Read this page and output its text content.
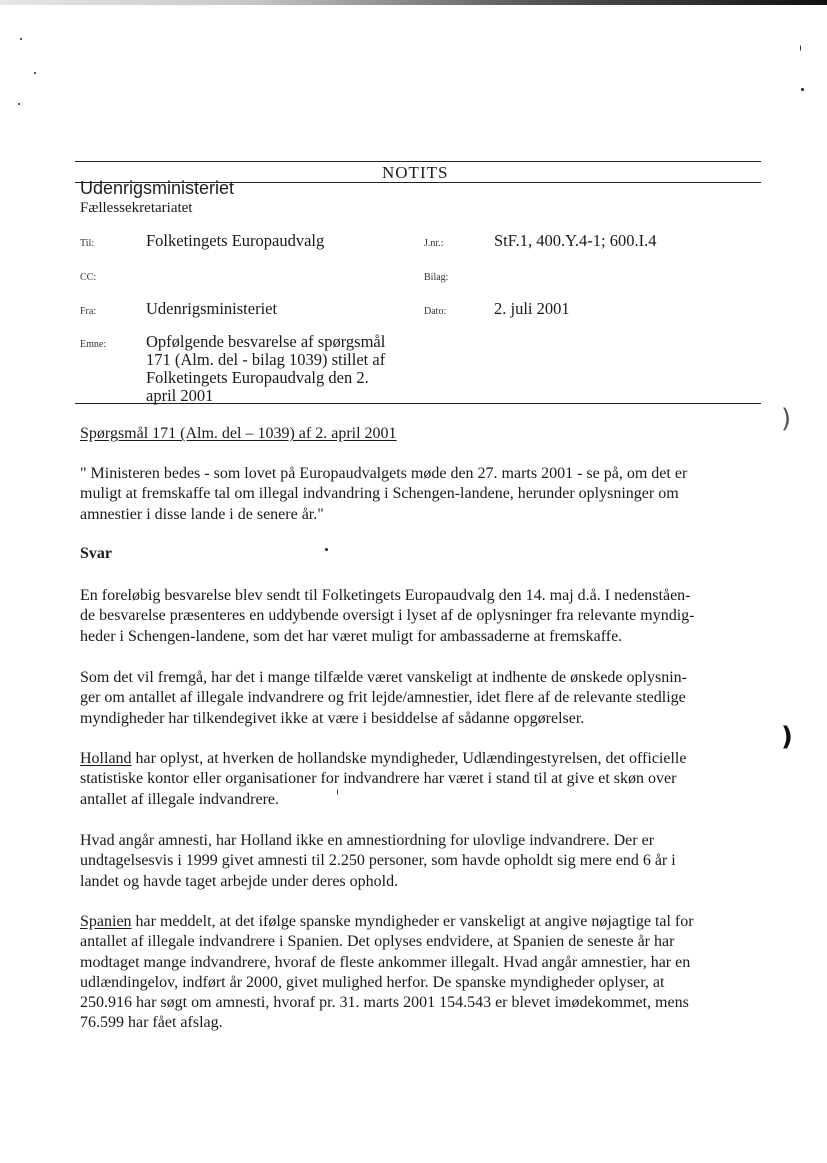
NOTITS
Udenrigsministeriet
Fællessekretariatet
Til:	Folketingets Europaudvalg	J.nr.:	StF.1, 400.Y.4-1; 600.I.4
CC:	Bilag:
Fra:	Udenrigsministeriet	Dato:	2. juli 2001
Emne: Opfølgende besvarelse af spørgsmål
171 (Alm. del - bilag 1039) stillet af
Folketingets Europaudvalg den 2.
april 2001
Spørgsmål 171 (Alm. del – 1039) af 2. april 2001
" Ministeren bedes - som lovet på Europaudvalgets møde den 27. marts 2001 - se på, om det er
muligt at fremskaffe tal om illegal indvandring i Schengen-landene, herunder oplysninger om
amnestier i disse lande i de senere år."
Svar
En foreløbig besvarelse blev sendt til Folketingets Europaudvalg den 14. maj d.å. I nedenståen-
de besvarelse præsenteres en uddybende oversigt i lyset af de oplysninger fra relevante myndig-
heder i Schengen-landene, som det har været muligt for ambassaderne at fremskaffe.
Som det vil fremgå, har det i mange tilfælde været vanskeligt at indhente de ønskede oplysnin-
ger om antallet af illegale indvandrere og frit lejde/amnestier, idet flere af de relevante stedlige
myndigheder har tilkendegivet ikke at være i besiddelse af sådanne opgørelser.
Holland har oplyst, at hverken de hollandske myndigheder, Udlændingestyrelsen, det officielle
statistiske kontor eller organisationer for indvandrere har været i stand til at give et skøn over
antallet af illegale indvandrere.
Hvad angår amnesti, har Holland ikke en amnestiordning for ulovlige indvandrere. Der er
undtagelsesvis i 1999 givet amnesti til 2.250 personer, som havde opholdt sig mere end 6 år i
landet og havde taget arbejde under deres ophold.
Spanien har meddelt, at det ifølge spanske myndigheder er vanskeligt at angive nøjagtige tal for
antallet af illegale indvandrere i Spanien. Det oplyses endvidere, at Spanien de seneste år har
modtaget mange indvandrere, hvoraf de fleste ankommer illegalt. Hvad angår amnestier, har en
udlændingelov, indført år 2000, givet mulighed herfor. De spanske myndigheder oplyser, at
250.916 har søgt om amnesti, hvoraf pr. 31. marts 2001 154.543 er blevet imødekommet, mens
76.599 har fået afslag.
)
)
